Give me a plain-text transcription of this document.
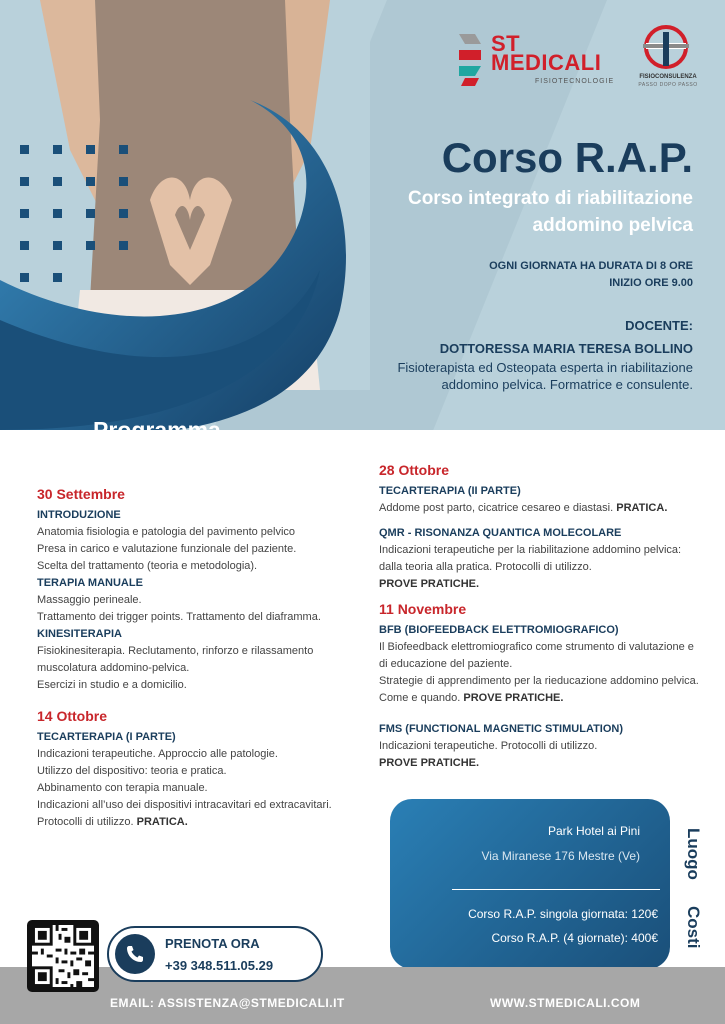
ST
MEDICALI
FISIOTECNOLOGIE
FISIOCONSULENZA
PASSO DOPO PASSO
Corso R.A.P.
Corso integrato di riabilitazione addomino pelvica
OGNI GIORNATA HA DURATA DI 8 ORE
INIZIO ORE 9.00
DOCENTE:
DOTTORESSA MARIA TERESA BOLLINO
Fisioterapista ed Osteopata esperta in riabilitazione addomino pelvica. Formatrice e consulente.
Programma
30 Settembre
INTRODUZIONE
Anatomia fisiologia e patologia del pavimento pelvico
Presa in carico e valutazione funzionale del paziente.
Scelta del trattamento (teoria e metodologia).
TERAPIA MANUALE
Massaggio perineale.
Trattamento dei trigger points. Trattamento del diaframma.
KINESITERAPIA
Fisiokinesiterapia. Reclutamento, rinforzo e rilassamento muscolatura addomino-pelvica.
Esercizi in studio e a domicilio.
14 Ottobre
TECARTERAPIA (I PARTE)
Indicazioni terapeutiche. Approccio alle patologie.
Utilizzo del dispositivo: teoria e pratica.
Abbinamento con terapia manuale.
Indicazioni all’uso dei dispositivi intracavitari ed extracavitari.
Protocolli di utilizzo. PRATICA.
28 Ottobre
TECARTERAPIA (II PARTE)
Addome post parto, cicatrice cesareo e diastasi. PRATICA.
QMR - RISONANZA QUANTICA MOLECOLARE
Indicazioni terapeutiche per la riabilitazione addomino pelvica: dalla teoria alla pratica. Protocolli di utilizzo.
PROVE PRATICHE.
11 Novembre
BFB (BIOFEEDBACK ELETTROMIOGRAFICO)
Il Biofeedback elettromiografico come strumento di valutazione e di educazione del paziente.
Strategie di apprendimento per la rieducazione addomino pelvica. Come e quando. PROVE PRATICHE.
FMS (FUNCTIONAL MAGNETIC STIMULATION)
Indicazioni terapeutiche. Protocolli di utilizzo.
PROVE PRATICHE.
Park Hotel ai Pini
Via Miranese 176 Mestre (Ve)
Corso R.A.P. singola giornata: 120€
Corso R.A.P. (4 giornate): 400€
Luogo
Costi
EMAIL: ASSISTENZA@STMEDICALI.IT	WWW.STMEDICALI.COM
PRENOTA ORA
+39 348.511.05.29
